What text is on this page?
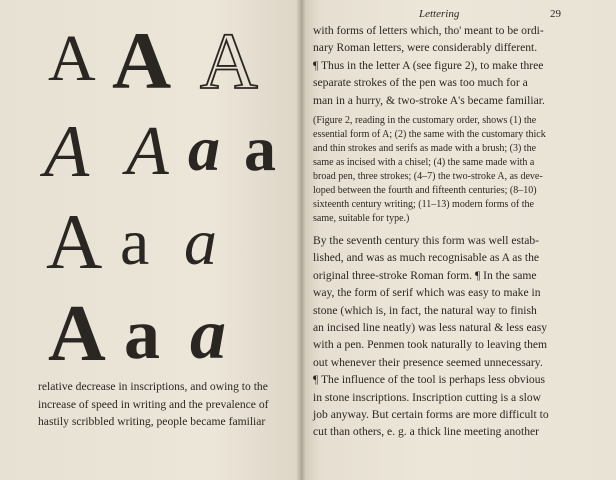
A A A
A A a a
A a a
A a a

relative decrease in inscriptions, and owing to the

increase of speed in writing and the prevalence of

hastily scribbled writing, people became familiar

Lettering	29

with forms of letters which, tho' meant to be ordi-

nary Roman letters, were considerably different.

¶ Thus in the letter A (see figure 2), to make three

separate strokes of the pen was too much for a

man in a hurry, & two-stroke A's became familiar.

(Figure 2, reading in the customary order, shows (1) the

essential form of A; (2) the same with the customary thick

and thin strokes and serifs as made with a brush; (3) the

same as incised with a chisel; (4) the same made with a

broad pen, three strokes; (4–7) the two-stroke A, as deve-

loped between the fourth and fifteenth centuries; (8–10)

sixteenth century writing; (11–13) modern forms of the

same, suitable for type.)

By the seventh century this form was well estab-

lished, and was as much recognisable as A as the

original three-stroke Roman form. ¶ In the same

way, the form of serif which was easy to make in

stone (which is, in fact, the natural way to finish

an incised line neatly) was less natural & less easy

with a pen. Penmen took naturally to leaving them

out whenever their presence seemed unnecessary.

¶ The influence of the tool is perhaps less obvious

in stone inscriptions. Inscription cutting is a slow

job anyway. But certain forms are more difficult to

cut than others, e. g. a thick line meeting another
